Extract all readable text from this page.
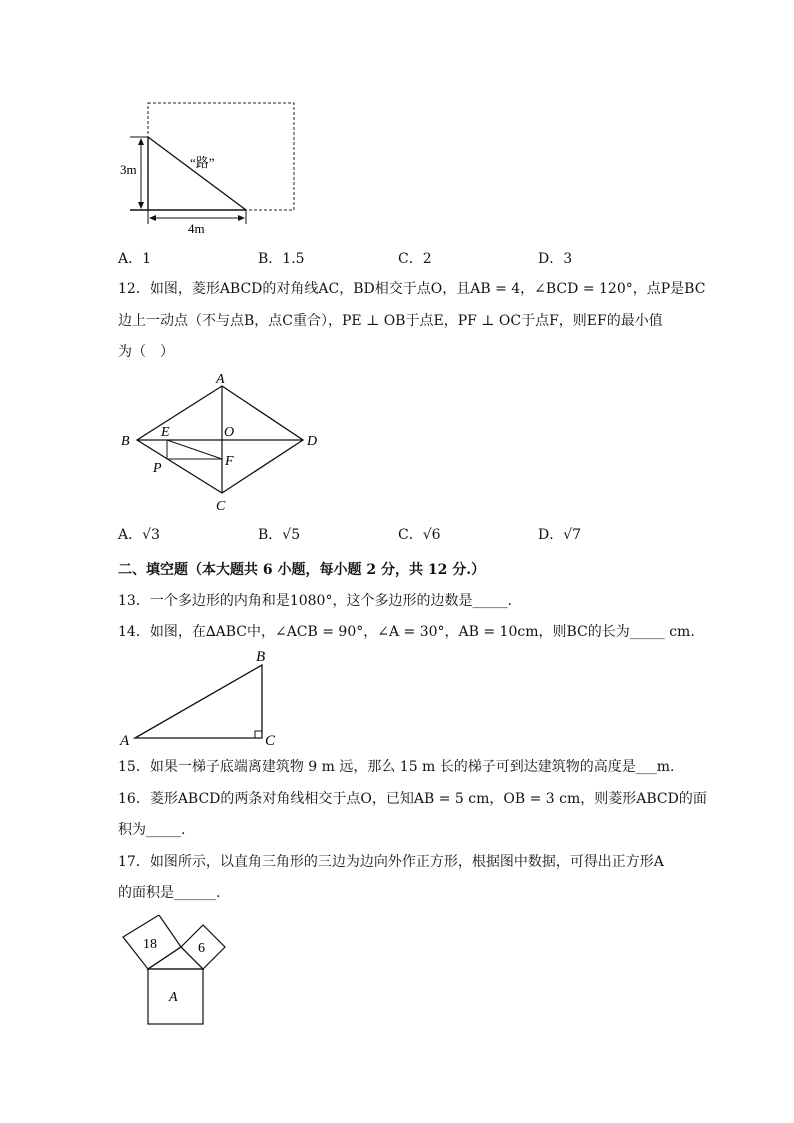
3m
4m
“路”
A．1	B．1.5	C．2	D．3
12．如图，菱形ABCD的对角线AC，BD相交于点O，且AB = 4，∠BCD = 120°，点P是BC
边上一动点（不与点B，点C重合），PE ⊥ OB于点E，PF ⊥ OC于点F，则EF的最小值
为（　）
A
B
C
D
E	O
F
P
A．√3	B．√5	C．√6	D．√7
二、填空题（本大题共 6 小题，每小题 2 分，共 12 分.）
13．一个多边形的内角和是1080°，这个多边形的边数是_____.
14．如图，在∆ABC中，∠ACB = 90°，∠A = 30°，AB = 10cm，则BC的长为_____ cm.
A
B
C
15．如果一梯子底端离建筑物 9 m 远，那么 15 m 长的梯子可到达建筑物的高度是___m.
16．菱形ABCD的两条对角线相交于点O，已知AB = 5 cm，OB = 3 cm，则菱形ABCD的面
积为_____.
17．如图所示，以直角三角形的三边为边向外作正方形，根据图中数据，可得出正方形A
的面积是______.
18	6
A
